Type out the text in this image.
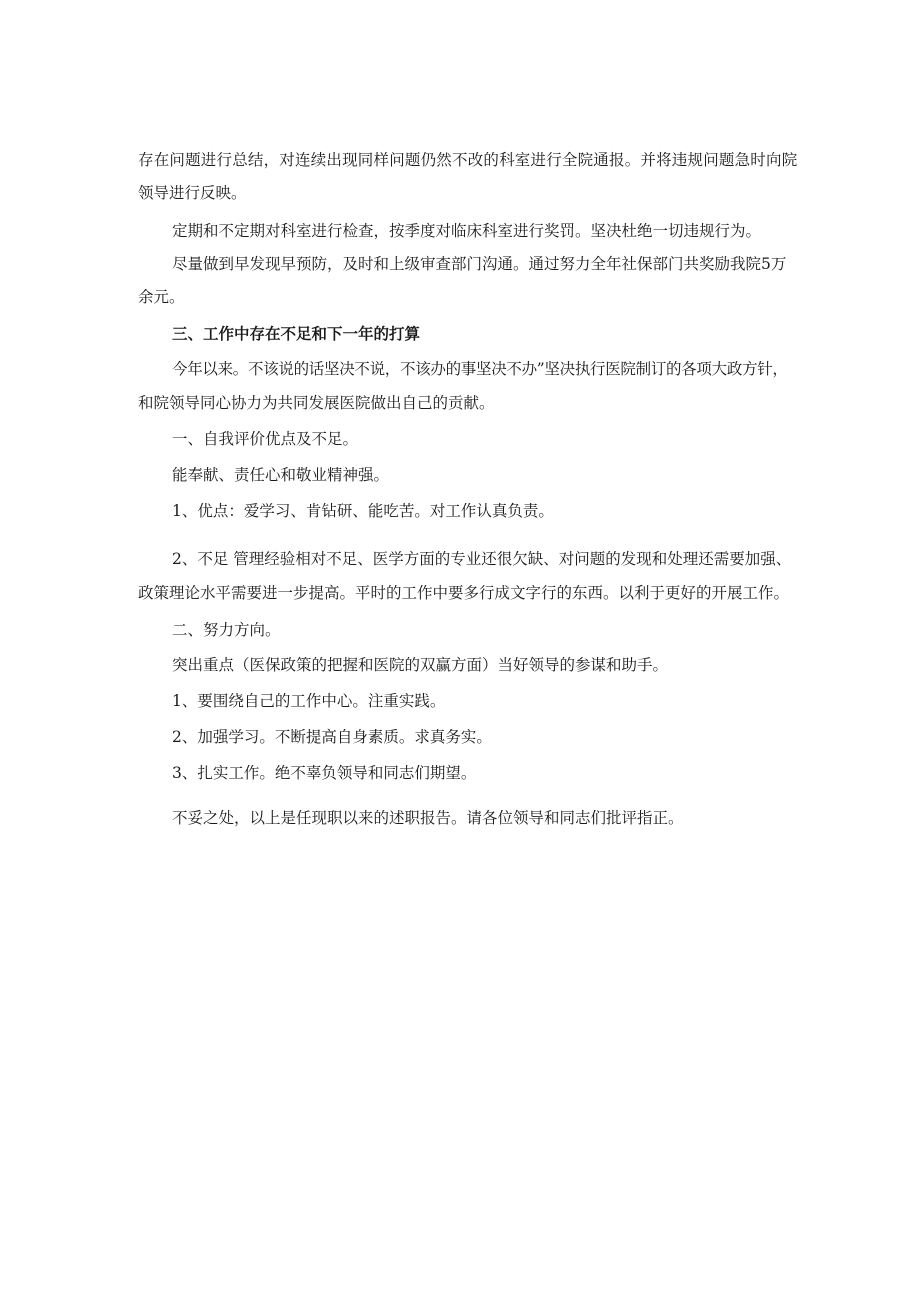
存在问题进行总结，对连续出现同样问题仍然不改的科室进行全院通报。并将违规问题急时向院
领导进行反映。
定期和不定期对科室进行检查，按季度对临床科室进行奖罚。坚决杜绝一切违规行为。
尽量做到早发现早预防，及时和上级审查部门沟通。通过努力全年社保部门共奖励我院5万
余元。
三、工作中存在不足和下一年的打算
今年以来。不该说的话坚决不说，不该办的事坚决不办”坚决执行医院制订的各项大政方针，
和院领导同心协力为共同发展医院做出自己的贡献。
一、自我评价优点及不足。
能奉献、责任心和敬业精神强。
1、优点：爱学习、肯钻研、能吃苦。对工作认真负责。
2、不足 管理经验相对不足、医学方面的专业还很欠缺、对问题的发现和处理还需要加强、
政策理论水平需要进一步提高。平时的工作中要多行成文字行的东西。以利于更好的开展工作。
二、努力方向。
突出重点（医保政策的把握和医院的双赢方面）当好领导的参谋和助手。
1、要围绕自己的工作中心。注重实践。
2、加强学习。不断提高自身素质。求真务实。
3、扎实工作。绝不辜负领导和同志们期望。
不妥之处，以上是任现职以来的述职报告。请各位领导和同志们批评指正。
